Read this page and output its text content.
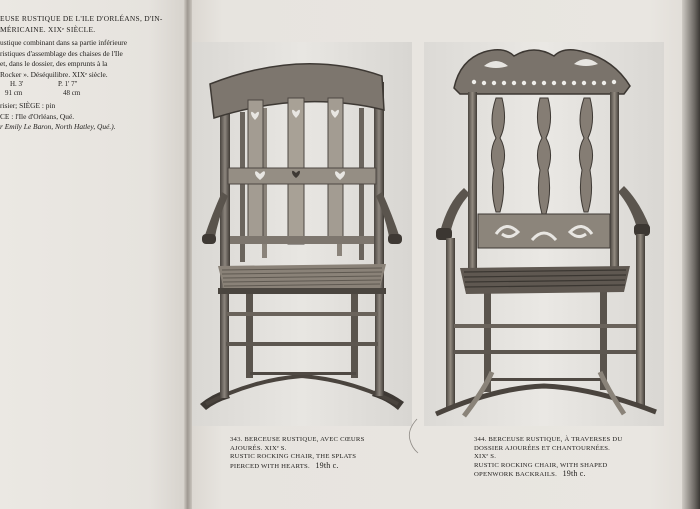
EUSE RUSTIQUE DE L'ILE D'ORLÉANS, D'IN-
MÉRICAINE. XIXᵉ SIÈCLE.
ustique combinant dans sa partie inférieure
ristiques d'assemblage des chaises de l'Ile
et, dans le dossier, des emprunts à la
Rocker ». Déséquilibre. XIXᵉ siècle.
H. 3'	P. 1' 7"
91 cm	48 cm
risier; SIÈGE : pin
CE : l'Ile d'Orléans, Qué.
r Emily Le Baron, North Hatley, Qué.).
343. BERCEUSE RUSTIQUE, AVEC CŒURS
AJOURÉS. XIXᵉ S.
RUSTIC ROCKING CHAIR, THE SPLATS
PIERCED WITH HEARTS. 19th c.
344. BERCEUSE RUSTIQUE, À TRAVERSES DU
DOSSIER AJOURÉES ET CHANTOURNÉES.
XIXᵉ S.
RUSTIC ROCKING CHAIR, WITH SHAPED
OPENWORK BACKRAILS. 19th c.
